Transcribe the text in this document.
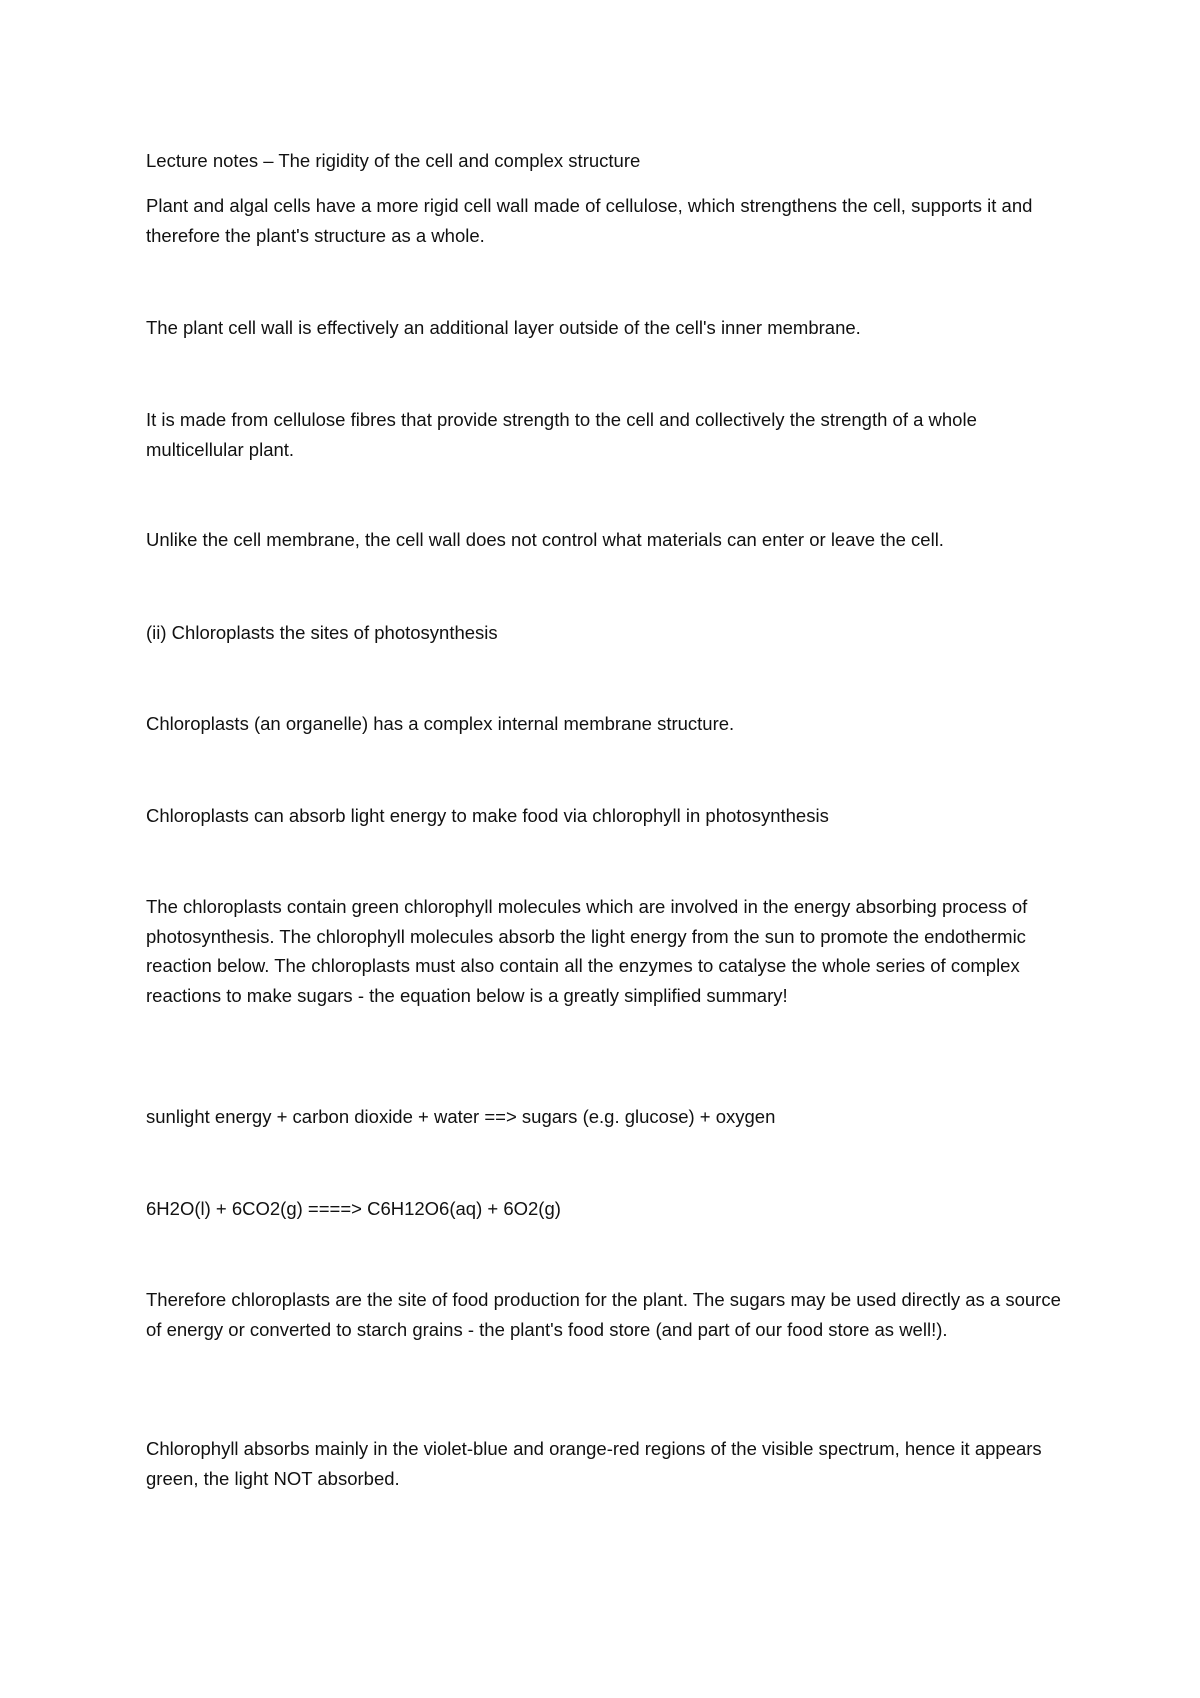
Lecture notes – The rigidity of the cell and complex structure

Plant and algal cells have a more rigid cell wall made of cellulose, which strengthens the cell, supports it and therefore the plant's structure as a whole.

The plant cell wall is effectively an additional layer outside of the cell's inner membrane.

It is made from cellulose fibres that provide strength to the cell and collectively the strength of a whole multicellular plant.

Unlike the cell membrane, the cell wall does not control what materials can enter or leave the cell.

(ii) Chloroplasts the sites of photosynthesis

Chloroplasts (an organelle) has a complex internal membrane structure.

Chloroplasts can absorb light energy to make food via chlorophyll in photosynthesis

The chloroplasts contain green chlorophyll molecules which are involved in the energy absorbing process of photosynthesis. The chlorophyll molecules absorb the light energy from the sun to promote the endothermic reaction below. The chloroplasts must also contain all the enzymes to catalyse the whole series of complex reactions to make sugars - the equation below is a greatly simplified summary!

sunlight energy + carbon dioxide + water ==> sugars (e.g. glucose) + oxygen

6H2O(l) + 6CO2(g) ====> C6H12O6(aq) + 6O2(g)

Therefore chloroplasts are the site of food production for the plant. The sugars may be used directly as a source of energy or converted to starch grains - the plant's food store (and part of our food store as well!).

Chlorophyll absorbs mainly in the violet-blue and orange-red regions of the visible spectrum, hence it appears green, the light NOT absorbed.
